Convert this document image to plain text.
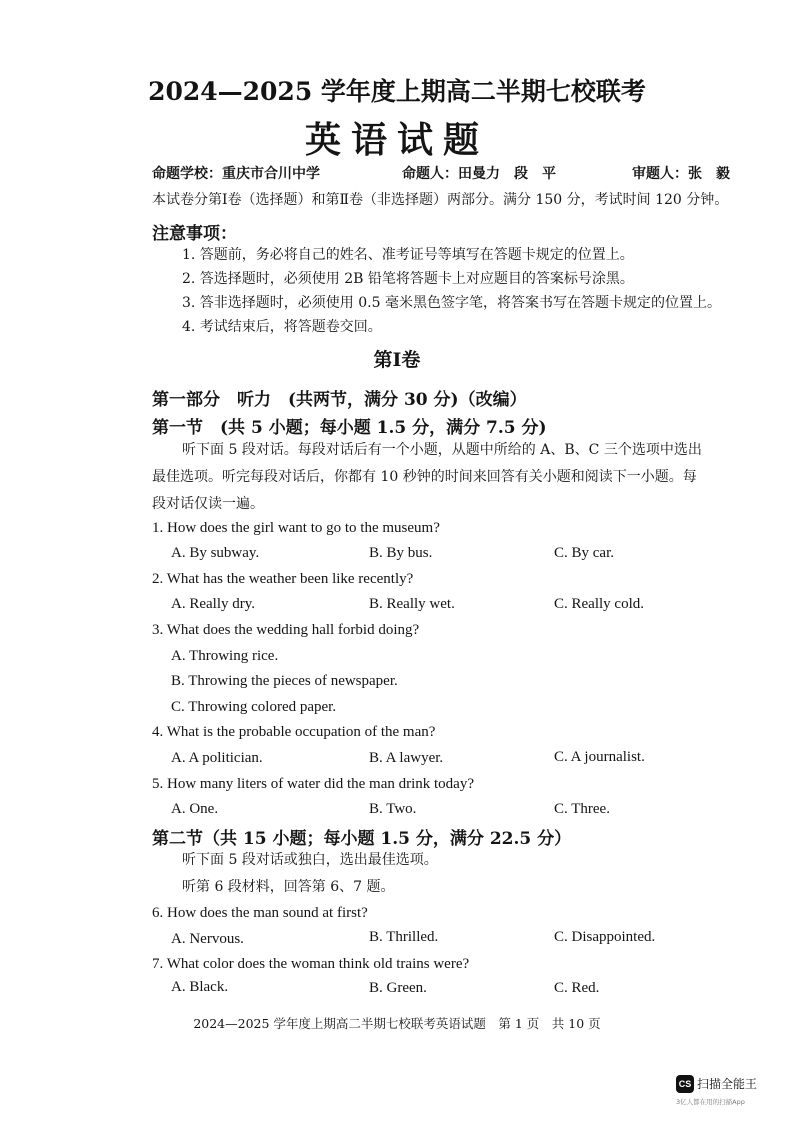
2024—2025 学年度上期高二半期七校联考
英语试题
命题学校：重庆市合川中学	命题人：田曼力　段　平	审题人：张　毅
本试卷分第Ⅰ卷（选择题）和第Ⅱ卷（非选择题）两部分。满分 150 分，考试时间 120 分钟。
注意事项：
1. 答题前，务必将自己的姓名、准考证号等填写在答题卡规定的位置上。
2. 答选择题时，必须使用 2B 铅笔将答题卡上对应题目的答案标号涂黑。
3. 答非选择题时，必须使用 0.5 毫米黑色签字笔，将答案书写在答题卡规定的位置上。
4. 考试结束后，将答题卷交回。
第Ⅰ卷
第一部分　听力　(共两节，满分 30 分)（改编）
第一节　(共 5 小题；每小题 1.5 分，满分 7.5 分)
听下面 5 段对话。每段对话后有一个小题，从题中所给的 A、B、C 三个选项中选出
最佳选项。听完每段对话后，你都有 10 秒钟的时间来回答有关小题和阅读下一小题。每
段对话仅读一遍。
1. How does the girl want to go to the museum?
A. By subway.	B. By bus.	C. By car.
2. What has the weather been like recently?
A. Really dry.	B. Really wet.	C. Really cold.
3. What does the wedding hall forbid doing?
A. Throwing rice.
B. Throwing the pieces of newspaper.
C. Throwing colored paper.
4. What is the probable occupation of the man?
A. A politician.	B. A lawyer.	C. A journalist.
5. How many liters of water did the man drink today?
A. One.	B. Two.	C. Three.
第二节（共 15 小题；每小题 1.5 分，满分 22.5 分）
听下面 5 段对话或独白，选出最佳选项。
听第 6 段材料，回答第 6、7 题。
6. How does the man sound at first?
A. Nervous.	B. Thrilled.	C. Disappointed.
7. What color does the woman think old trains were?
A. Black.	B. Green.	C. Red.
2024—2025 学年度上期高二半期七校联考英语试题　第 1 页　共 10 页
CS 扫描全能王
3亿人都在用的扫描App
